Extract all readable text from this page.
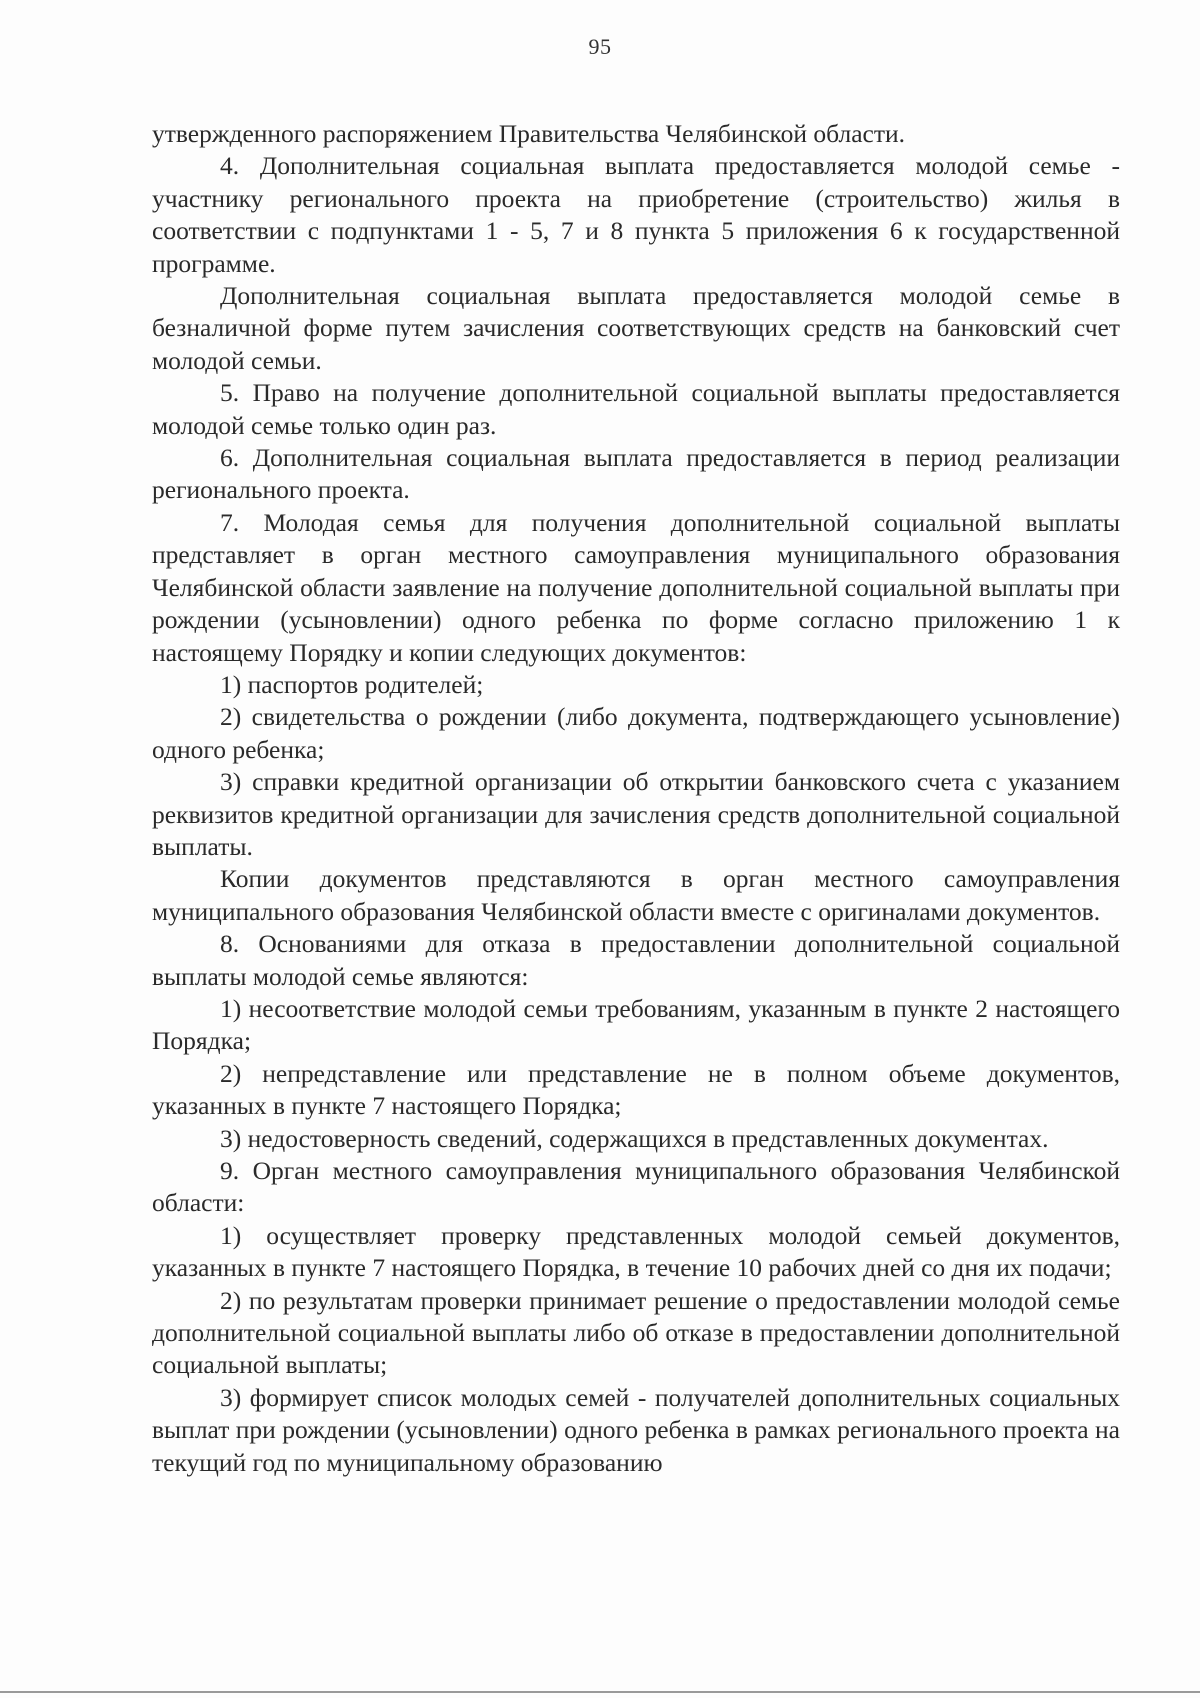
95

утвержденного распоряжением Правительства Челябинской области.

4. Дополнительная социальная выплата предоставляется молодой семье - участнику регионального проекта на приобретение (строительство) жилья в соответствии с подпунктами 1 - 5, 7 и 8 пункта 5 приложения 6 к государственной программе.

Дополнительная социальная выплата предоставляется молодой семье в безналичной форме путем зачисления соответствующих средств на банковский счет молодой семьи.

5. Право на получение дополнительной социальной выплаты предоставляется молодой семье только один раз.

6. Дополнительная социальная выплата предоставляется в период реализации регионального проекта.

7. Молодая семья для получения дополнительной социальной выплаты представляет в орган местного самоуправления муниципального образования Челябинской области заявление на получение дополнительной социальной выплаты при рождении (усыновлении) одного ребенка по форме согласно приложению 1 к настоящему Порядку и копии следующих документов:

1) паспортов родителей;

2) свидетельства о рождении (либо документа, подтверждающего усыновление) одного ребенка;

3) справки кредитной организации об открытии банковского счета с указанием реквизитов кредитной организации для зачисления средств дополнительной социальной выплаты.

Копии документов представляются в орган местного самоуправления муниципального образования Челябинской области вместе с оригиналами документов.

8. Основаниями для отказа в предоставлении дополнительной социальной выплаты молодой семье являются:

1) несоответствие молодой семьи требованиям, указанным в пункте 2 настоящего Порядка;

2) непредставление или представление не в полном объеме документов, указанных в пункте 7 настоящего Порядка;

3) недостоверность сведений, содержащихся в представленных документах.

9. Орган местного самоуправления муниципального образования Челябинской области:

1) осуществляет проверку представленных молодой семьей документов, указанных в пункте 7 настоящего Порядка, в течение 10 рабочих дней со дня их подачи;

2) по результатам проверки принимает решение о предоставлении молодой семье дополнительной социальной выплаты либо об отказе в предоставлении дополнительной социальной выплаты;

3) формирует список молодых семей - получателей дополнительных социальных выплат при рождении (усыновлении) одного ребенка в рамках регионального проекта на текущий год по муниципальному образованию
